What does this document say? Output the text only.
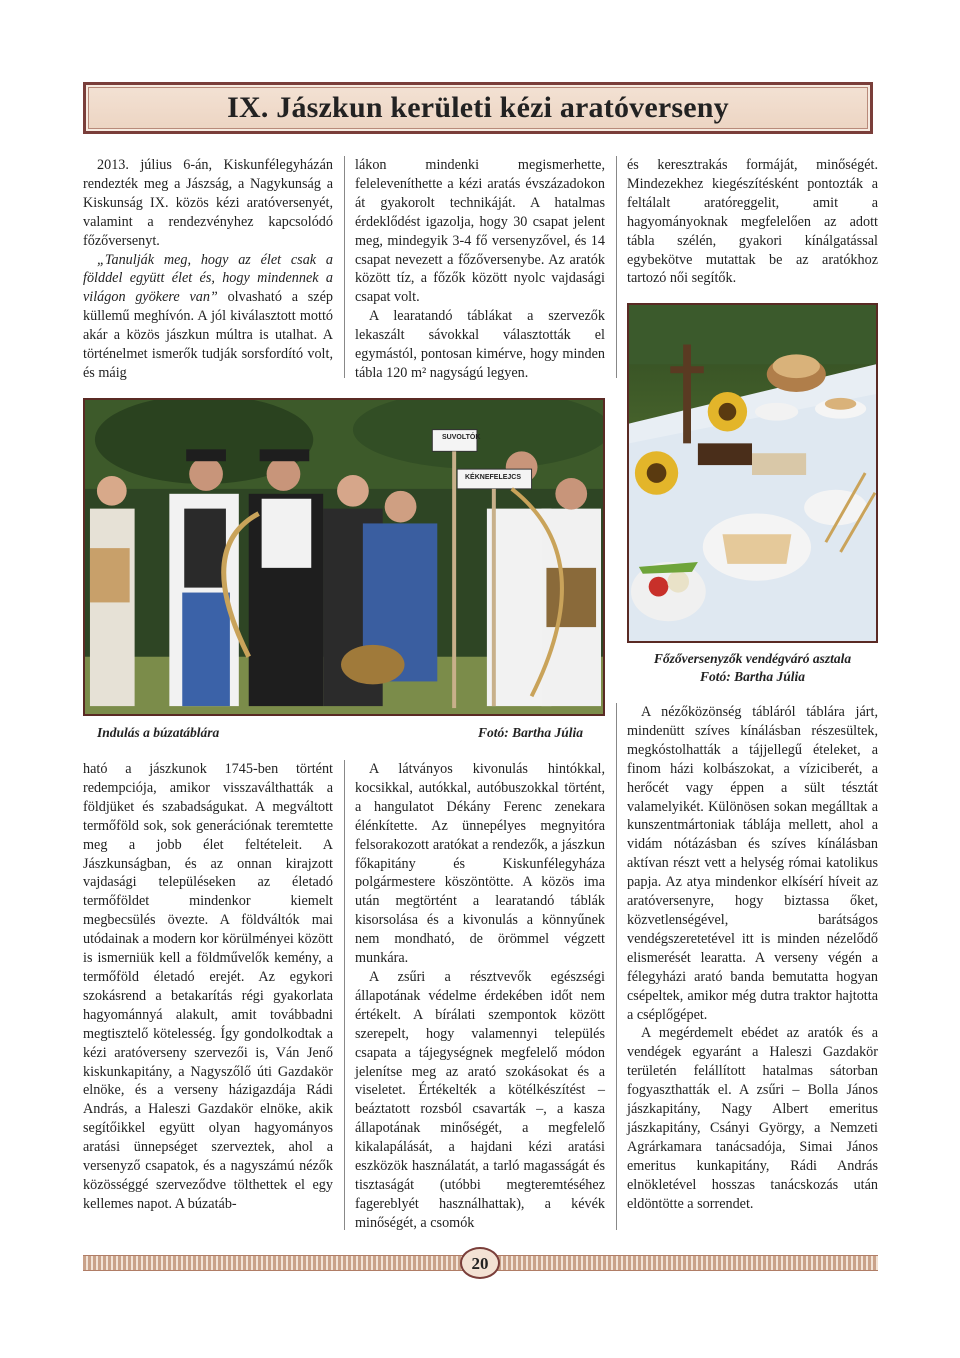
IX. Jászkun kerületi kézi aratóverseny

2013. július 6-án, Kiskunfélegyházán rendezték meg a Jászság, a Nagykunság a Kiskunság IX. közös kézi aratóversenyét, valamint a rendezvényhez kapcsolódó főzőversenyt.

„Tanulják meg, hogy az élet csak a földdel együtt élet és, hogy mindennek a világon gyökere van” olvasható a szép küllemű meghívón. A jól kiválasztott mottó akár a közös jászkun múltra is utalhat. A történelmet ismerők tudják sorsfordító volt, és máig

lákon mindenki megismerhette, feleleveníthette a kézi aratás évszázadokon át gyakorolt technikáját. A hatalmas érdeklődést igazolja, hogy 30 csapat jelent meg, mindegyik 3-4 fő versenyzővel, és 14 csapat nevezett a főzőversenybe. Az aratók között tíz, a főzők között nyolc vajdasági csapat volt.

A learatandó táblákat a szervezők lekaszált sávokkal választották el egymástól, pontosan kimérve, hogy minden tábla 120 m² nagyságú legyen.

és keresztrakás formáját, minőségét. Mindezekhez kiegészítésként pontozták a feltálalt aratóreggelit, amit a hagyományoknak megfelelően az adott tábla szélén, gyakori kínálgatással egybekötve mutattak be az aratókhoz tartozó női segítők.

Főzőversenyzők vendégváró asztala
Fotó: Bartha Júlia
SUVOLTÓK
KÉKNEFELEJCS
Indulás a búzatáblára	Fotó: Bartha Júlia

ható a jászkunok 1745-ben történt redempciója, amikor visszaválthatták a földjüket és szabadságukat. A megváltott termőföld sok, sok generációnak teremtette meg a jobb élet feltételeit. A Jászkunságban, és az onnan kirajzott vajdasági településeken az életadó termőföldet mindenkor kiemelt megbecsülés övezte. A földváltók mai utódainak a modern kor körülményei között is ismerniük kell a földművelők kemény, a termőföld életadó erejét. Az egykori szokásrend a betakarítás régi gyakorlata hagyománnyá alakult, amit továbbadni megtisztelő kötelesség. Így gondolkodtak a kézi aratóverseny szervezői is, Ván Jenő kiskunkapitány, a Nagyszőlő úti Gazdakör elnöke, és a verseny házigazdája Rádi András, a Haleszi Gazdakör elnöke, akik segítőikkel együtt olyan hagyományos aratási ünnepséget szerveztek, ahol a versenyző csapatok, és a nagyszámú nézők közösséggé szerveződve tölthettek el egy kellemes napot. A búzatáb-

A látványos kivonulás hintókkal, kocsikkal, autókkal, autóbuszokkal történt, a hangulatot Dékány Ferenc zenekara élénkítette. Az ünnepélyes megnyitóra felsorakozott aratókat a rendezők, a jászkun főkapitány és Kiskunfélegyháza polgármestere köszöntötte. A közös ima után megtörtént a learatandó táblák kisorsolása és a kivonulás a könnyűnek nem mondható, de örömmel végzett munkára.

A zsűri a résztvevők egészségi állapotának védelme érdekében időt nem értékelt. A bírálati szempontok között szerepelt, hogy valamennyi település csapata a tájegységnek megfelelő módon jelenítse meg az arató szokásokat és a viseletet. Értékelték a kötélkészítést – beáztatott rozsból csavarták –, a kasza állapotának minőségét, a megfelelő kikalapálását, a hajdani kézi aratási eszközök használatát, a tarló magasságát és tisztaságát (utóbbi megteremtéséhez fagereblyét használhattak), a kévék minőségét, a csomók

A nézőközönség tábláról táblára járt, mindenütt szíves kínálásban részesültek, megkóstolhatták a tájjellegű ételeket, a finom házi kolbászokat, a víziciberét, a herőcét vagy éppen a sült tésztát valamelyikét. Különösen sokan megálltak a kunszentmártoniak táblája mellett, ahol a vidám nótázásban és szíves kínálásban aktívan részt vett a helység római katolikus papja. Az atya mindenkor elkísérí híveit az aratóversenyre, hogy biztassa őket, közvetlenségével, barátságos vendégszeretetével itt is minden nézelődő elismerését learatta. A verseny végén a félegyházi arató banda bemutatta hogyan csépeltek, amikor még dutra traktor hajtotta a cséplőgépet.

A megérdemelt ebédet az aratók és a vendégek egyaránt a Haleszi Gazdakör területén felállított hatalmas sátorban fogyaszthatták el. A zsűri – Bolla János jászkapitány, Nagy Albert emeritus jászkapitány, Csányi György, a Nemzeti Agrárkamara tanácsadója, Simai János emeritus kunkapitány, Rádi András elnökletével hosszas tanácskozás után eldöntötte a sorrendet.

20
